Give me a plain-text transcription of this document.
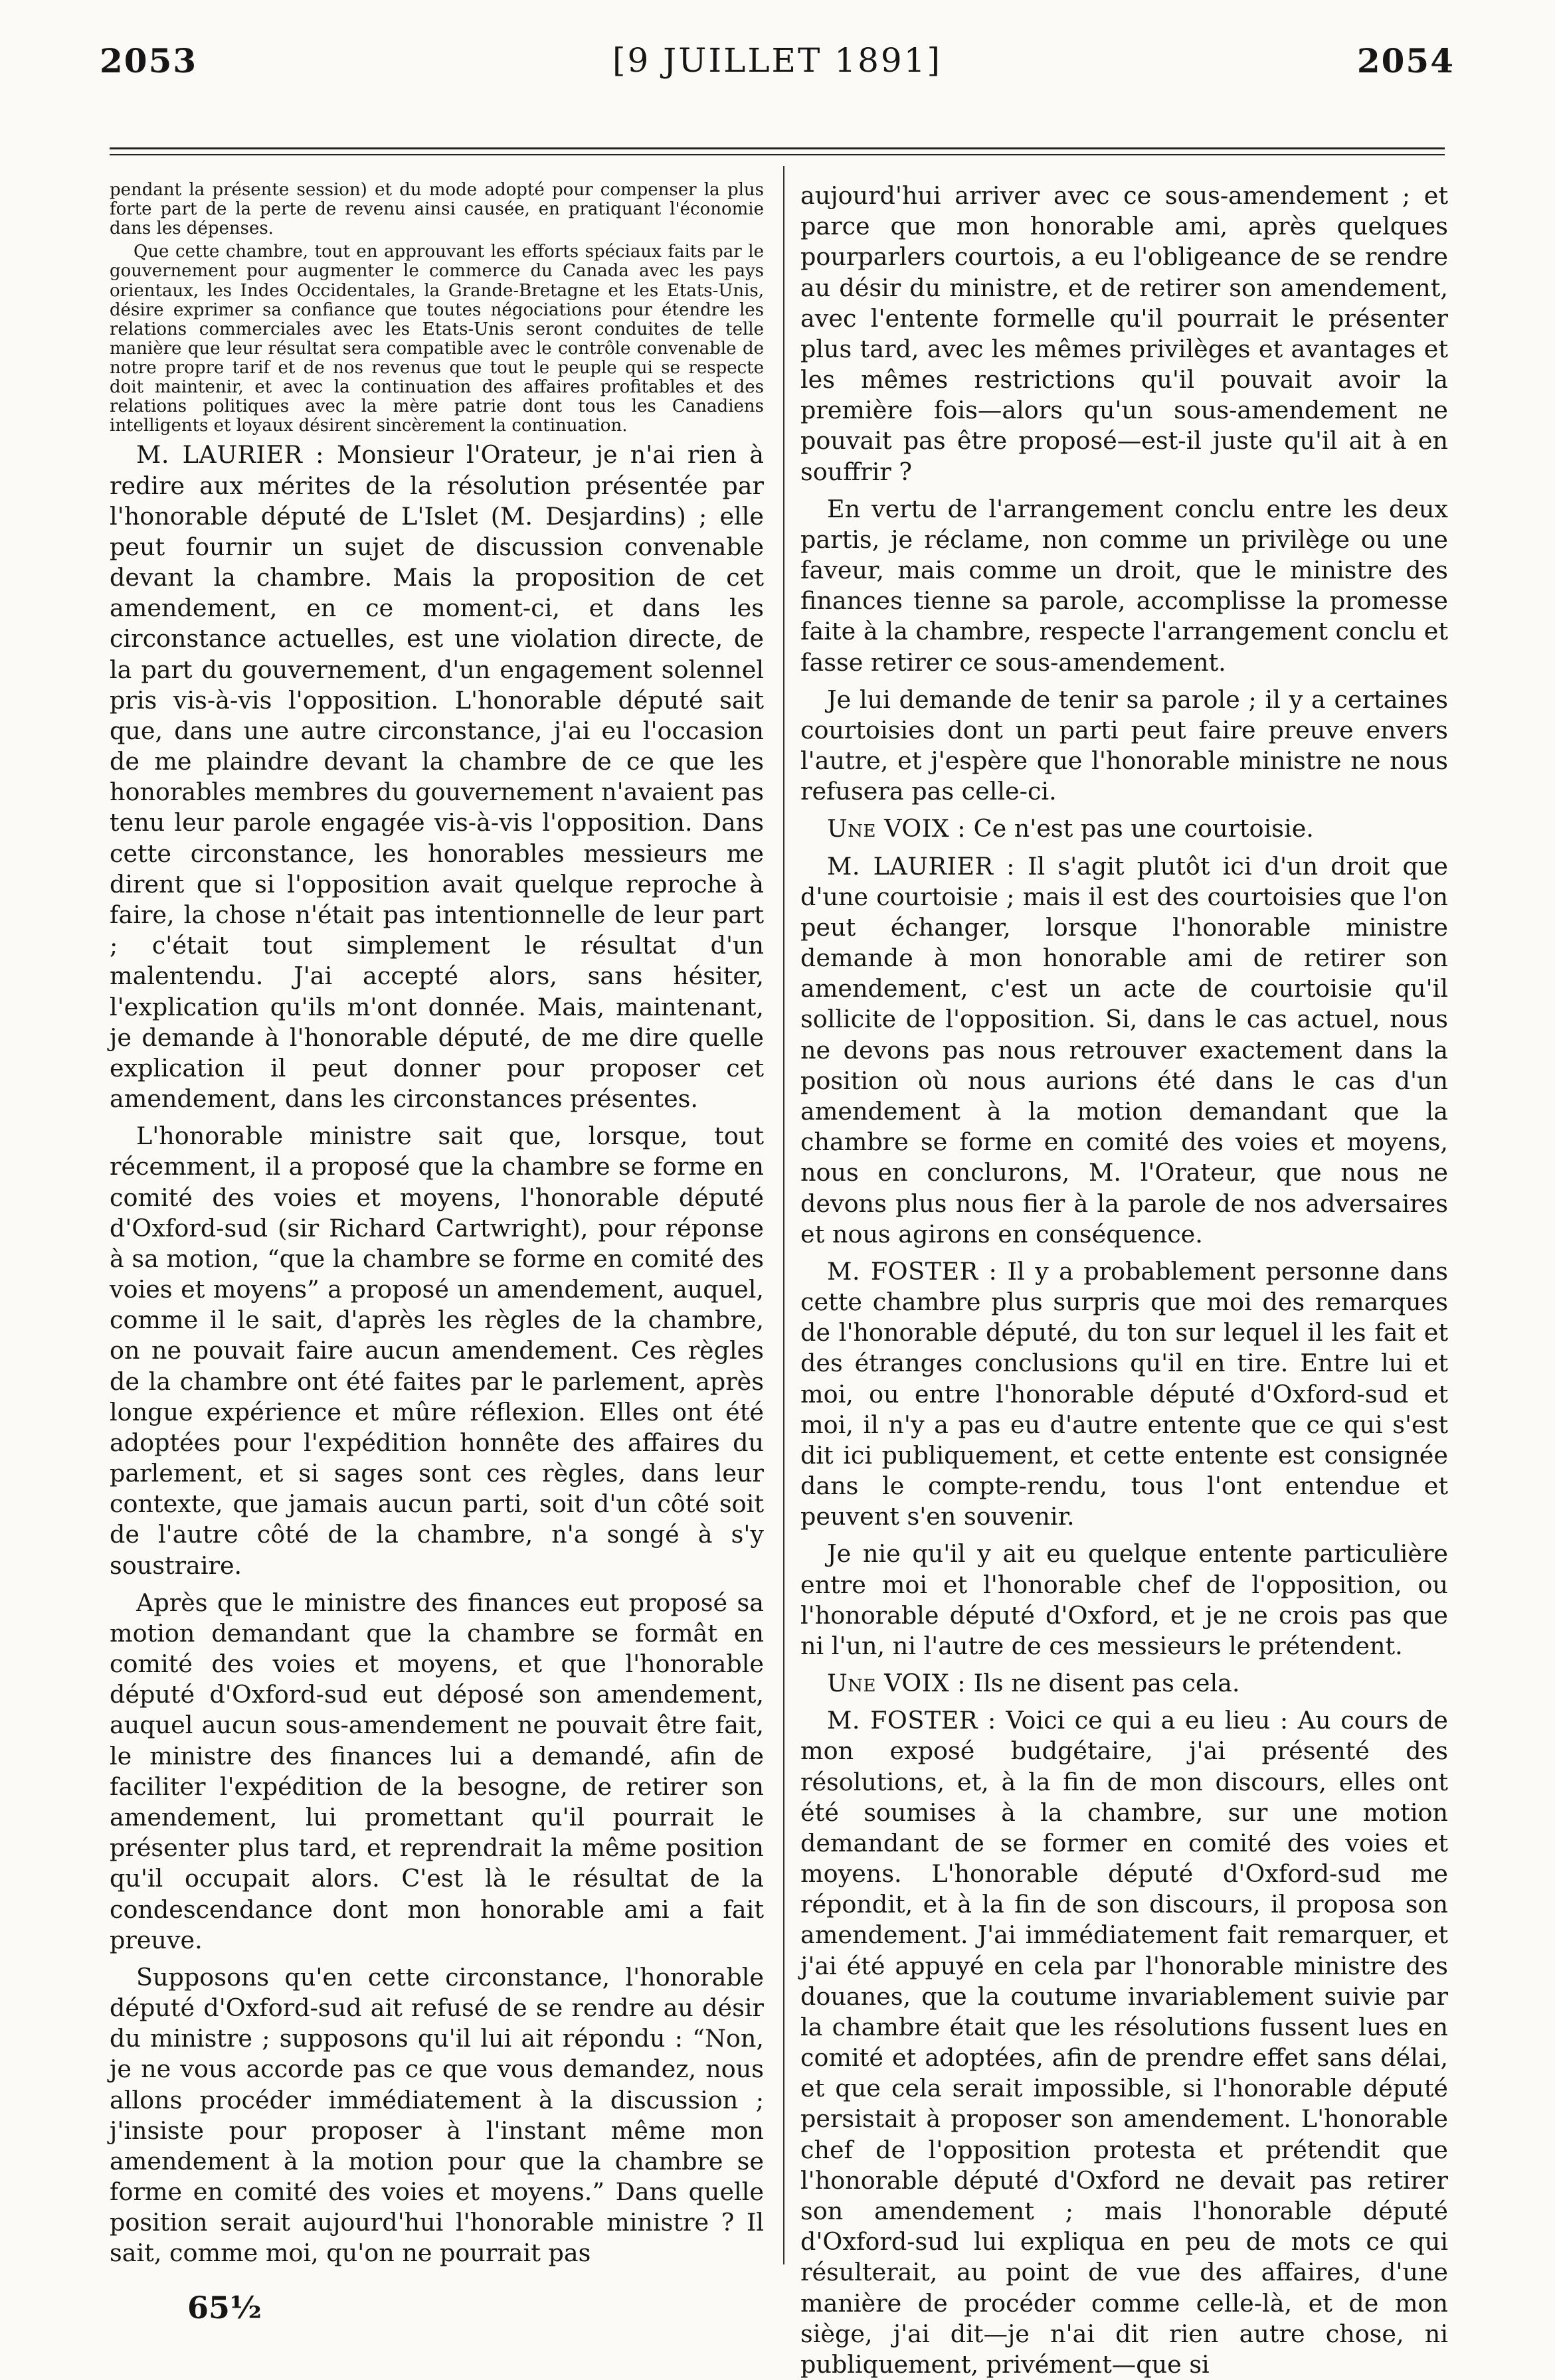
2053	[9 JUILLET 1891]	2054

pendant la présente session) et du mode adopté pour compenser la plus forte part de la perte de revenu ainsi causée, en pratiquant l'économie dans les dépenses.

Que cette chambre, tout en approuvant les efforts spéciaux faits par le gouvernement pour augmenter le commerce du Canada avec les pays orientaux, les Indes Occidentales, la Grande-Bretagne et les Etats-Unis, désire exprimer sa confiance que toutes négociations pour étendre les relations commerciales avec les Etats-Unis seront conduites de telle manière que leur résultat sera compatible avec le contrôle convenable de notre propre tarif et de nos revenus que tout le peuple qui se respecte doit maintenir, et avec la continuation des affaires profitables et des relations politiques avec la mère patrie dont tous les Canadiens intelligents et loyaux désirent sincèrement la continuation.

M. LAURIER : Monsieur l'Orateur, je n'ai rien à redire aux mérites de la résolution présentée par l'honorable député de L'Islet (M. Desjardins) ; elle peut fournir un sujet de discussion convenable devant la chambre. Mais la proposition de cet amendement, en ce moment-ci, et dans les circonstance actuelles, est une violation directe, de la part du gouvernement, d'un engagement solennel pris vis-à-vis l'opposition. L'honorable député sait que, dans une autre circonstance, j'ai eu l'occasion de me plaindre devant la chambre de ce que les honorables membres du gouvernement n'avaient pas tenu leur parole engagée vis-à-vis l'opposition. Dans cette circonstance, les honorables messieurs me dirent que si l'opposition avait quelque reproche à faire, la chose n'était pas intentionnelle de leur part ; c'était tout simplement le résultat d'un malentendu. J'ai accepté alors, sans hésiter, l'explication qu'ils m'ont donnée. Mais, maintenant, je demande à l'honorable député, de me dire quelle explication il peut donner pour proposer cet amendement, dans les circonstances présentes.

L'honorable ministre sait que, lorsque, tout récemment, il a proposé que la chambre se forme en comité des voies et moyens, l'honorable député d'Oxford-sud (sir Richard Cartwright), pour réponse à sa motion, “que la chambre se forme en comité des voies et moyens” a proposé un amendement, auquel, comme il le sait, d'après les règles de la chambre, on ne pouvait faire aucun amendement. Ces règles de la chambre ont été faites par le parlement, après longue expérience et mûre réflexion. Elles ont été adoptées pour l'expédition honnête des affaires du parlement, et si sages sont ces règles, dans leur contexte, que jamais aucun parti, soit d'un côté soit de l'autre côté de la chambre, n'a songé à s'y soustraire.

Après que le ministre des finances eut proposé sa motion demandant que la chambre se formât en comité des voies et moyens, et que l'honorable député d'Oxford-sud eut déposé son amendement, auquel aucun sous-amendement ne pouvait être fait, le ministre des finances lui a demandé, afin de faciliter l'expédition de la besogne, de retirer son amendement, lui promettant qu'il pourrait le présenter plus tard, et reprendrait la même position qu'il occupait alors. C'est là le résultat de la condescendance dont mon honorable ami a fait preuve.

Supposons qu'en cette circonstance, l'honorable député d'Oxford-sud ait refusé de se rendre au désir du ministre ; supposons qu'il lui ait répondu : “Non, je ne vous accorde pas ce que vous demandez, nous allons procéder immédiatement à la discussion ; j'insiste pour proposer à l'instant même mon amendement à la motion pour que la chambre se forme en comité des voies et moyens.” Dans quelle position serait aujourd'hui l'honorable ministre ? Il sait, comme moi, qu'on ne pourrait pas

65½

aujourd'hui arriver avec ce sous-amendement ; et parce que mon honorable ami, après quelques pourparlers courtois, a eu l'obligeance de se rendre au désir du ministre, et de retirer son amendement, avec l'entente formelle qu'il pourrait le présenter plus tard, avec les mêmes privilèges et avantages et les mêmes restrictions qu'il pouvait avoir la première fois—alors qu'un sous-amendement ne pouvait pas être proposé—est-il juste qu'il ait à en souffrir ?

En vertu de l'arrangement conclu entre les deux partis, je réclame, non comme un privilège ou une faveur, mais comme un droit, que le ministre des finances tienne sa parole, accomplisse la promesse faite à la chambre, respecte l'arrangement conclu et fasse retirer ce sous-amendement.

Je lui demande de tenir sa parole ; il y a certaines courtoisies dont un parti peut faire preuve envers l'autre, et j'espère que l'honorable ministre ne nous refusera pas celle-ci.

Une VOIX : Ce n'est pas une courtoisie.

M. LAURIER : Il s'agit plutôt ici d'un droit que d'une courtoisie ; mais il est des courtoisies que l'on peut échanger, lorsque l'honorable ministre demande à mon honorable ami de retirer son amendement, c'est un acte de courtoisie qu'il sollicite de l'opposition. Si, dans le cas actuel, nous ne devons pas nous retrouver exactement dans la position où nous aurions été dans le cas d'un amendement à la motion demandant que la chambre se forme en comité des voies et moyens, nous en conclurons, M. l'Orateur, que nous ne devons plus nous fier à la parole de nos adversaires et nous agirons en conséquence.

M. FOSTER : Il y a probablement personne dans cette chambre plus surpris que moi des remarques de l'honorable député, du ton sur lequel il les fait et des étranges conclusions qu'il en tire. Entre lui et moi, ou entre l'honorable député d'Oxford-sud et moi, il n'y a pas eu d'autre entente que ce qui s'est dit ici publiquement, et cette entente est consignée dans le compte-rendu, tous l'ont entendue et peuvent s'en souvenir.

Je nie qu'il y ait eu quelque entente particulière entre moi et l'honorable chef de l'opposition, ou l'honorable député d'Oxford, et je ne crois pas que ni l'un, ni l'autre de ces messieurs le prétendent.

Une VOIX : Ils ne disent pas cela.

M. FOSTER : Voici ce qui a eu lieu : Au cours de mon exposé budgétaire, j'ai présenté des résolutions, et, à la fin de mon discours, elles ont été soumises à la chambre, sur une motion demandant de se former en comité des voies et moyens. L'honorable député d'Oxford-sud me répondit, et à la fin de son discours, il proposa son amendement. J'ai immédiatement fait remarquer, et j'ai été appuyé en cela par l'honorable ministre des douanes, que la coutume invariablement suivie par la chambre était que les résolutions fussent lues en comité et adoptées, afin de prendre effet sans délai, et que cela serait impossible, si l'honorable député persistait à proposer son amendement. L'honorable chef de l'opposition protesta et prétendit que l'honorable député d'Oxford ne devait pas retirer son amendement ; mais l'honorable député d'Oxford-sud lui expliqua en peu de mots ce qui résulterait, au point de vue des affaires, d'une manière de procéder comme celle-là, et de mon siège, j'ai dit—je n'ai dit rien autre chose, ni publiquement, privément—que si
